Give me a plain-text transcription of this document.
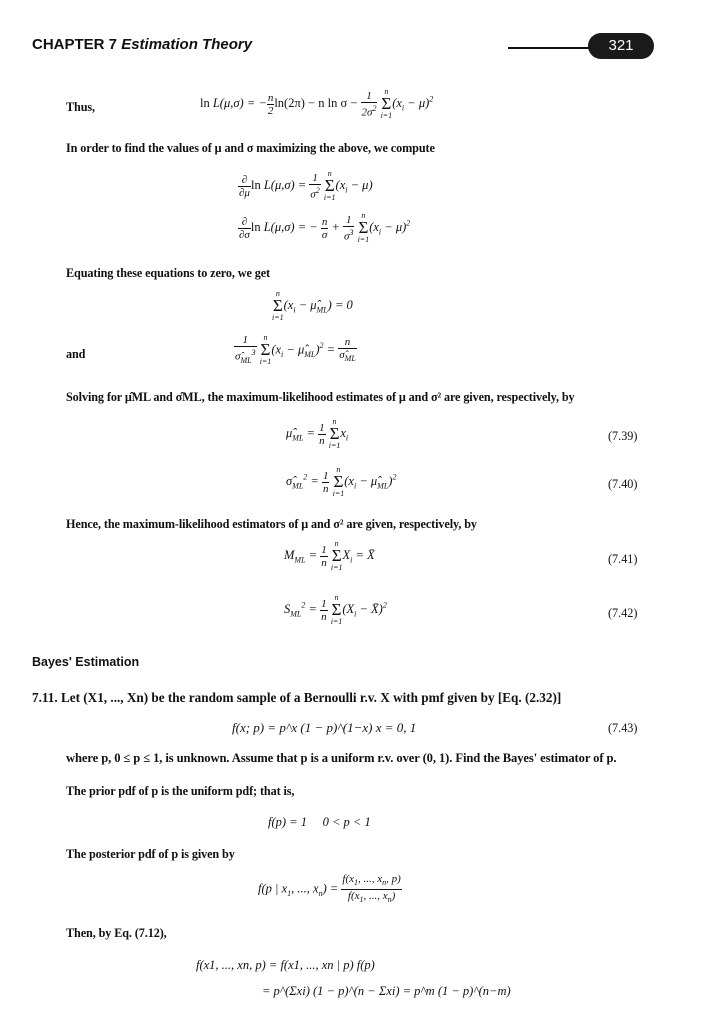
CHAPTER 7 Estimation Theory	321
Thus,	ln L(μ,σ) = − $\frac{n}{2} \ln(2\pi) - n$ $\ln \sigma - \frac{1}{2\sigma^2}$ n
Σ
$i=1(x_i - \mu)^2$
In order to find the values of μ and σ maximizing the above, we compute
$\frac{\partial}{\partial\mu}$ $\ln L(\mu,\sigma) = \frac{1}{\sigma^2}$ n
Σ
$i=1(x_i - \mu)$
$\frac{\partial}{\partial\sigma}$ ln L(μ,σ) = − $\frac{n}{\sigma} + \frac{1}{\sigma^3}$ n
Σ
$i=1(x_i - \mu)^2$
Equating these equations to zero, we get
n
Σ
$i=1(x_i$ − $\mû_{ML}) = 0$
and	$\frac{1}{\sigmâ_{ML}^3}$ n
Σ
$i=1(x_i$ − $\mû_{ML})^2 = \frac{n}{\sigmâ_{ML}}$
Solving for μ̂ML and σ̂ML, the maximum-likelihood estimates of μ and σ² are given, respectively, by
$\mû_{ML} = \frac{1}{n}$ n
Σ
$i=1x_i$	(7.39)
$\sigmâ_{ML}^2 = \frac{1}{n}$ n
Σ
$i=1(x_i$ − $\mû_{ML})^2$	(7.40)
Hence, the maximum-likelihood estimators of μ and σ² are given, respectively, by
$M_{ML} = \frac{1}{n}$ n
Σ
$i=1X_i$ = X̄	(7.41)
$S_{ML}^2 = \frac{1}{n}$ n
Σ
$i=1(X_i$ − X̄)$^2$
(7.42)
Bayes' Estimation
7.11. Let (X1, ..., Xn) be the random sample of a Bernoulli r.v. X with pmf given by [Eq. (2.32)]
f(x; p) = p^x (1 − p)^(1−x) x = 0, 1	(7.43)
where p, 0 ≤ p ≤ 1, is unknown. Assume that p is a uniform r.v. over (0, 1). Find the Bayes' estimator of p.
The prior pdf of p is the uniform pdf; that is,
f(p) = 1     0 < p < 1
The posterior pdf of p is given by
f(p | $x_1$, ..., $x_n) = \frac{f(x_1, ..., x_n, p)}{f(x_1, ..., x_n)}$
Then, by Eq. (7.12),
f(x1, ..., xn, p) = f(x1, ..., xn | p) f(p)
= p^(Σxi) (1 − p)^(n − Σxi) = p^m (1 − p)^(n−m)
